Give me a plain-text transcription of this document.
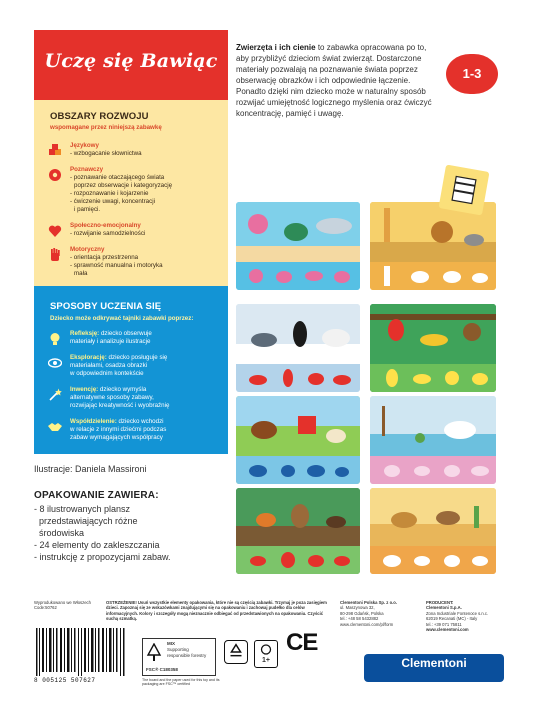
Uczę się Bawiąc
OBSZARY ROZWOJU
wspomagane przez niniejszą zabawkę
Językowy
- wzbogacanie słownictwa
Poznawczy
- poznawanie otaczającego świata
poprzez obserwacje i kategoryzację
- rozpoznawanie i kojarzenie
- ćwiczenie uwagi, koncentracji
i pamięci.
Społeczno-emocjonalny
- rozwijanie samodzielności
Motoryczny
- orientacja przestrzenna
- sprawność manualna i motoryka
mała
SPOSOBY UCZENIA SIĘ
Dziecko może odkrywać tajniki zabawki poprzez:
Refleksję: dziecko obserwuje
materiały i analizuje ilustracje
Eksplorację: dziecko posługuje się
materiałami, osadza obrazki
w odpowiednim kontekście
Inwencję: dziecko wymyśla
alternatywne sposoby zabawy,
rozwijając kreatywność i wyobraźnię
Współdzielenie: dziecko wchodzi
w relacje z innymi dziećmi podczas
zabaw wymagających współpracy
Ilustracje: Daniela Massironi
OPAKOWANIE ZAWIERA:
- 8 ilustrowanych plansz
przedstawiających różne
środowiska
- 24 elementy do zakleszczania
- instrukcję z propozycjami zabaw.
Zwierzęta i ich cienie to zabawka opracowana po to, aby przybliżyć dzieciom świat zwierząt. Dostarczone materiały pozwalają na poznawanie świata poprzez obserwację obrazków i ich odpowiednie łączenie. Ponadto dzięki nim dziecko może w naturalny sposób rozwijać umiejętność logicznego myślenia oraz ćwiczyć koncentrację, pamięć i uwagę.
1-3
Wyprodukowano we Włoszech
Code:50762
OSTRZEŻENIE! Usuń wszystkie elementy opakowania, które nie są częścią zabawki. Trzymaj je poza zasięgiem dzieci. Zapoznaj się ze wskazówkami znajdującymi się na opakowaniu i zachowaj pudełko dla celów informacyjnych. Kolory i szczegóły mogą nieznacznie odbiegać od przedstawionych na opakowaniu. Czyścić suchą szmatką.
Clementoni Polska Sp. z o.o.
ul. Maszynowa 32,
80-298 Gdańsk, Polska
tel.: +48 58 5432882
www.clementoni.com/pl/form
PRODUCENT:
Clementoni S.p.A.
Zona Industriale Fontenoce s.n.c.
62019 Recanati (MC) - Italy
tel.: +39 071 75811
www.clementoni.com
8 005125 507627
MIX
Supporting
responsible forestry
FSC® C180358
The board and the paper used for this toy and its packaging are FSC™ certified
1+
CE
Clementoni
